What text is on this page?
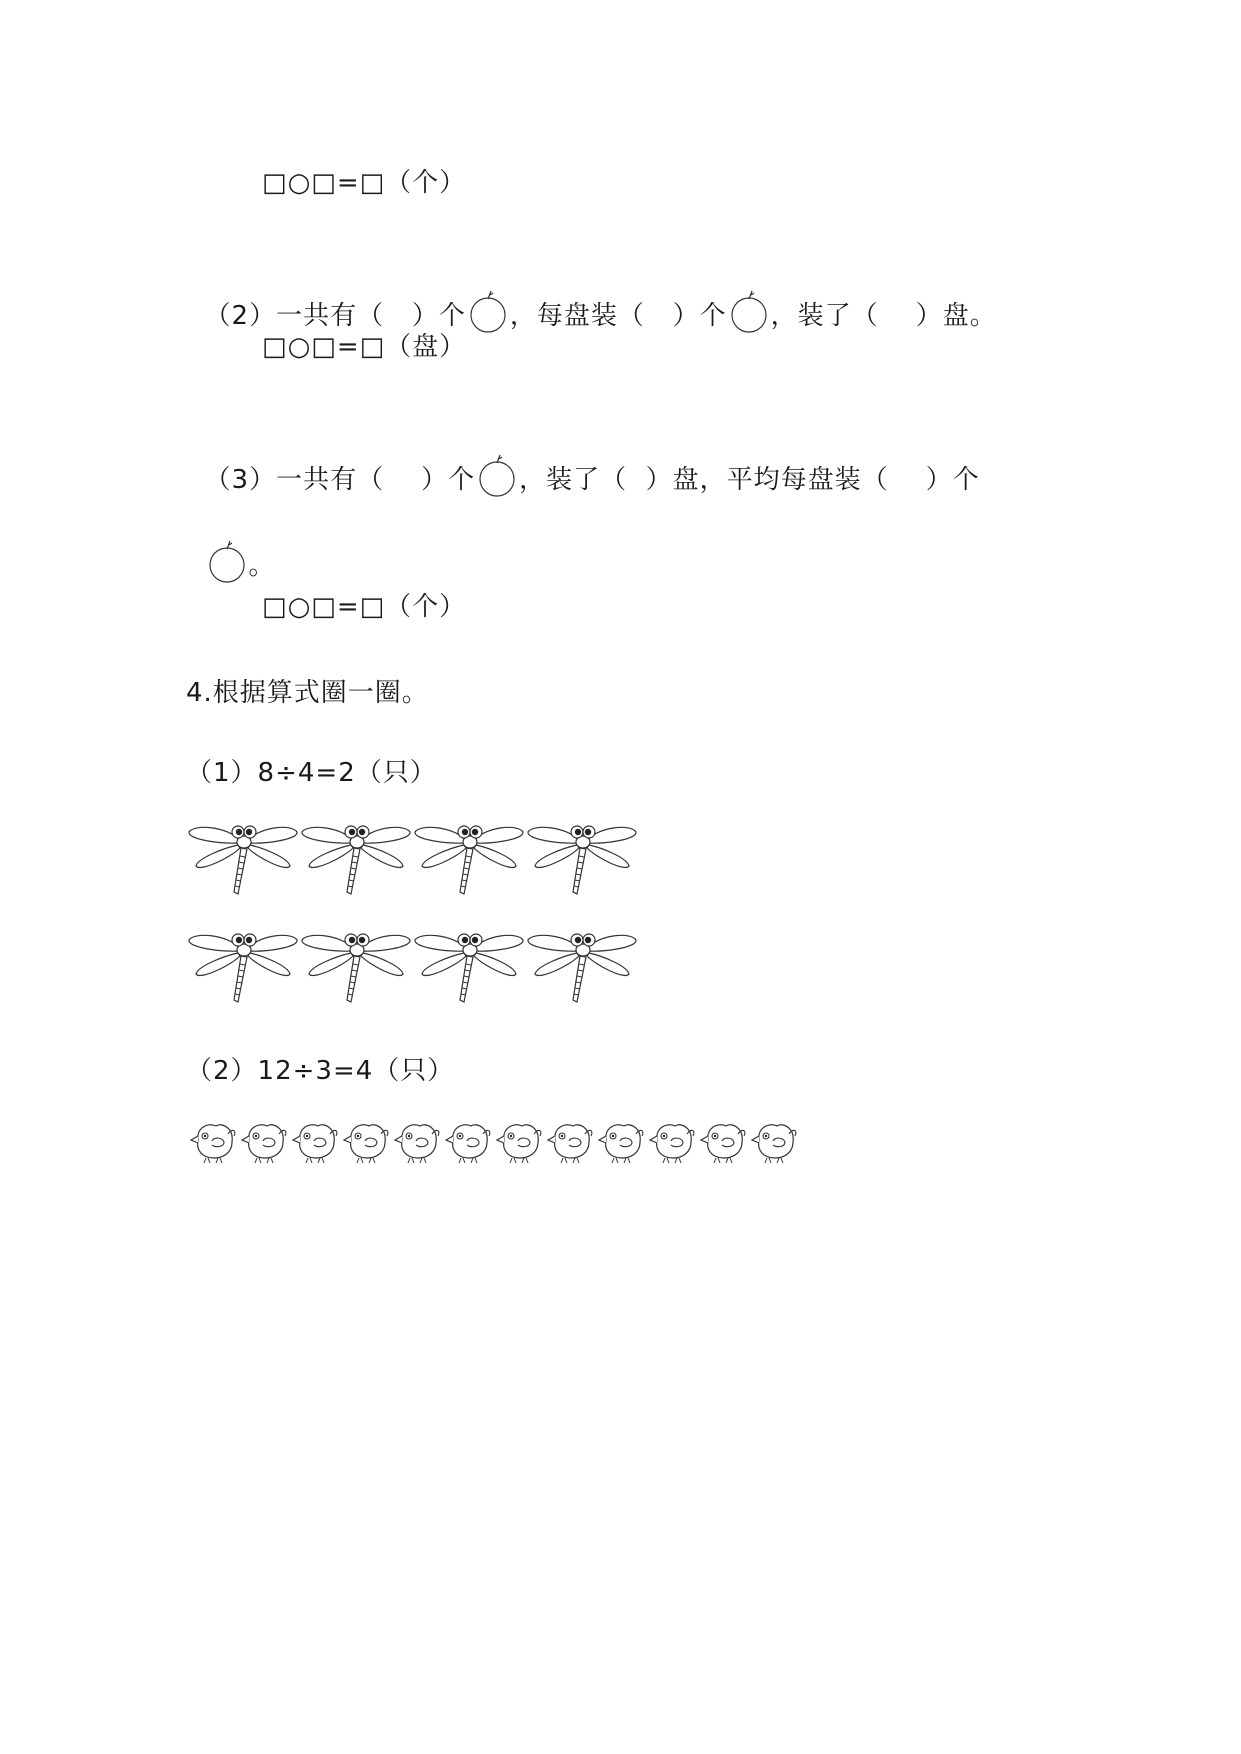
□○□=□（个）

（2）一共有（   ）个 ，每盘装（   ）个 ，装了（    ）盘。

□○□=□（盘）

（3）一共有（    ）个 ，装了（  ）盘，平均每盘装（    ）个

。

□○□=□（个）
4.根据算式圈一圈。
（1）8÷4=2（只）
（2）12÷3=4（只）
